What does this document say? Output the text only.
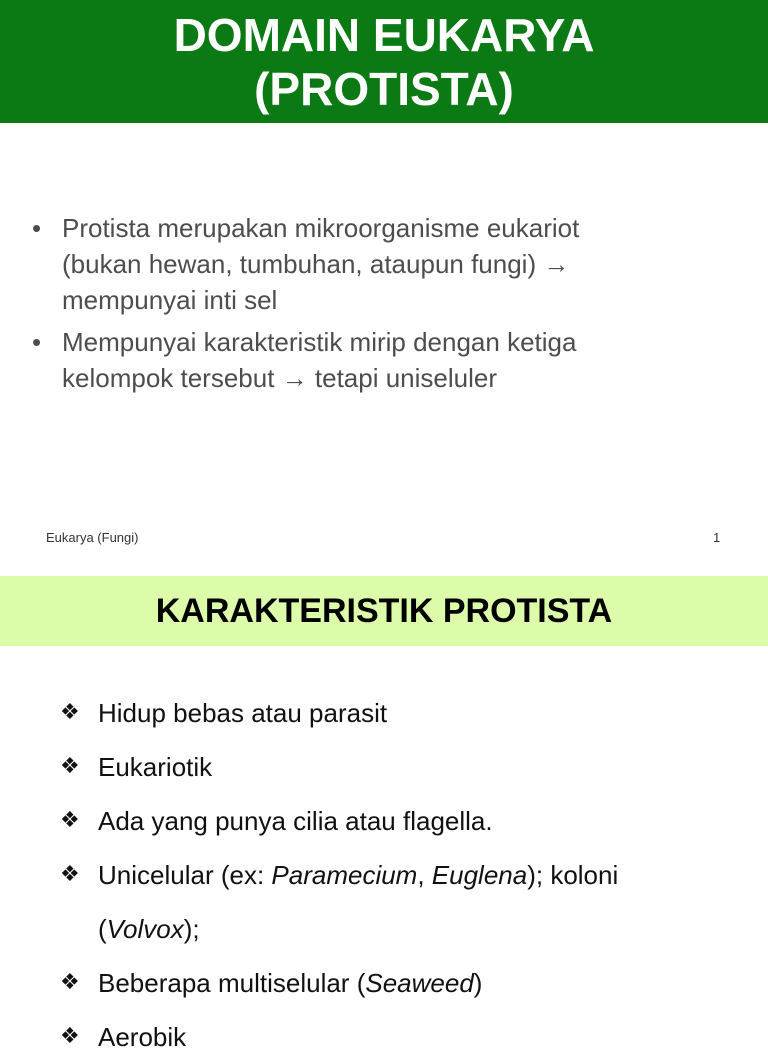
DOMAIN EUKARYA
(PROTISTA)
• Protista merupakan mikroorganisme eukariot
(bukan hewan, tumbuhan, ataupun fungi) →
mempunyai inti sel
• Mempunyai karakteristik mirip dengan ketiga
kelompok tersebut → tetapi uniseluler
Eukarya (Fungi)	1
KARAKTERISTIK PROTISTA
❖ Hidup bebas atau parasit
❖ Eukariotik
❖ Ada yang punya cilia atau flagella.
❖ Unicelular (ex: Paramecium, Euglena); koloni
(Volvox);
❖ Beberapa multiselular (Seaweed)
❖ Aerobik
